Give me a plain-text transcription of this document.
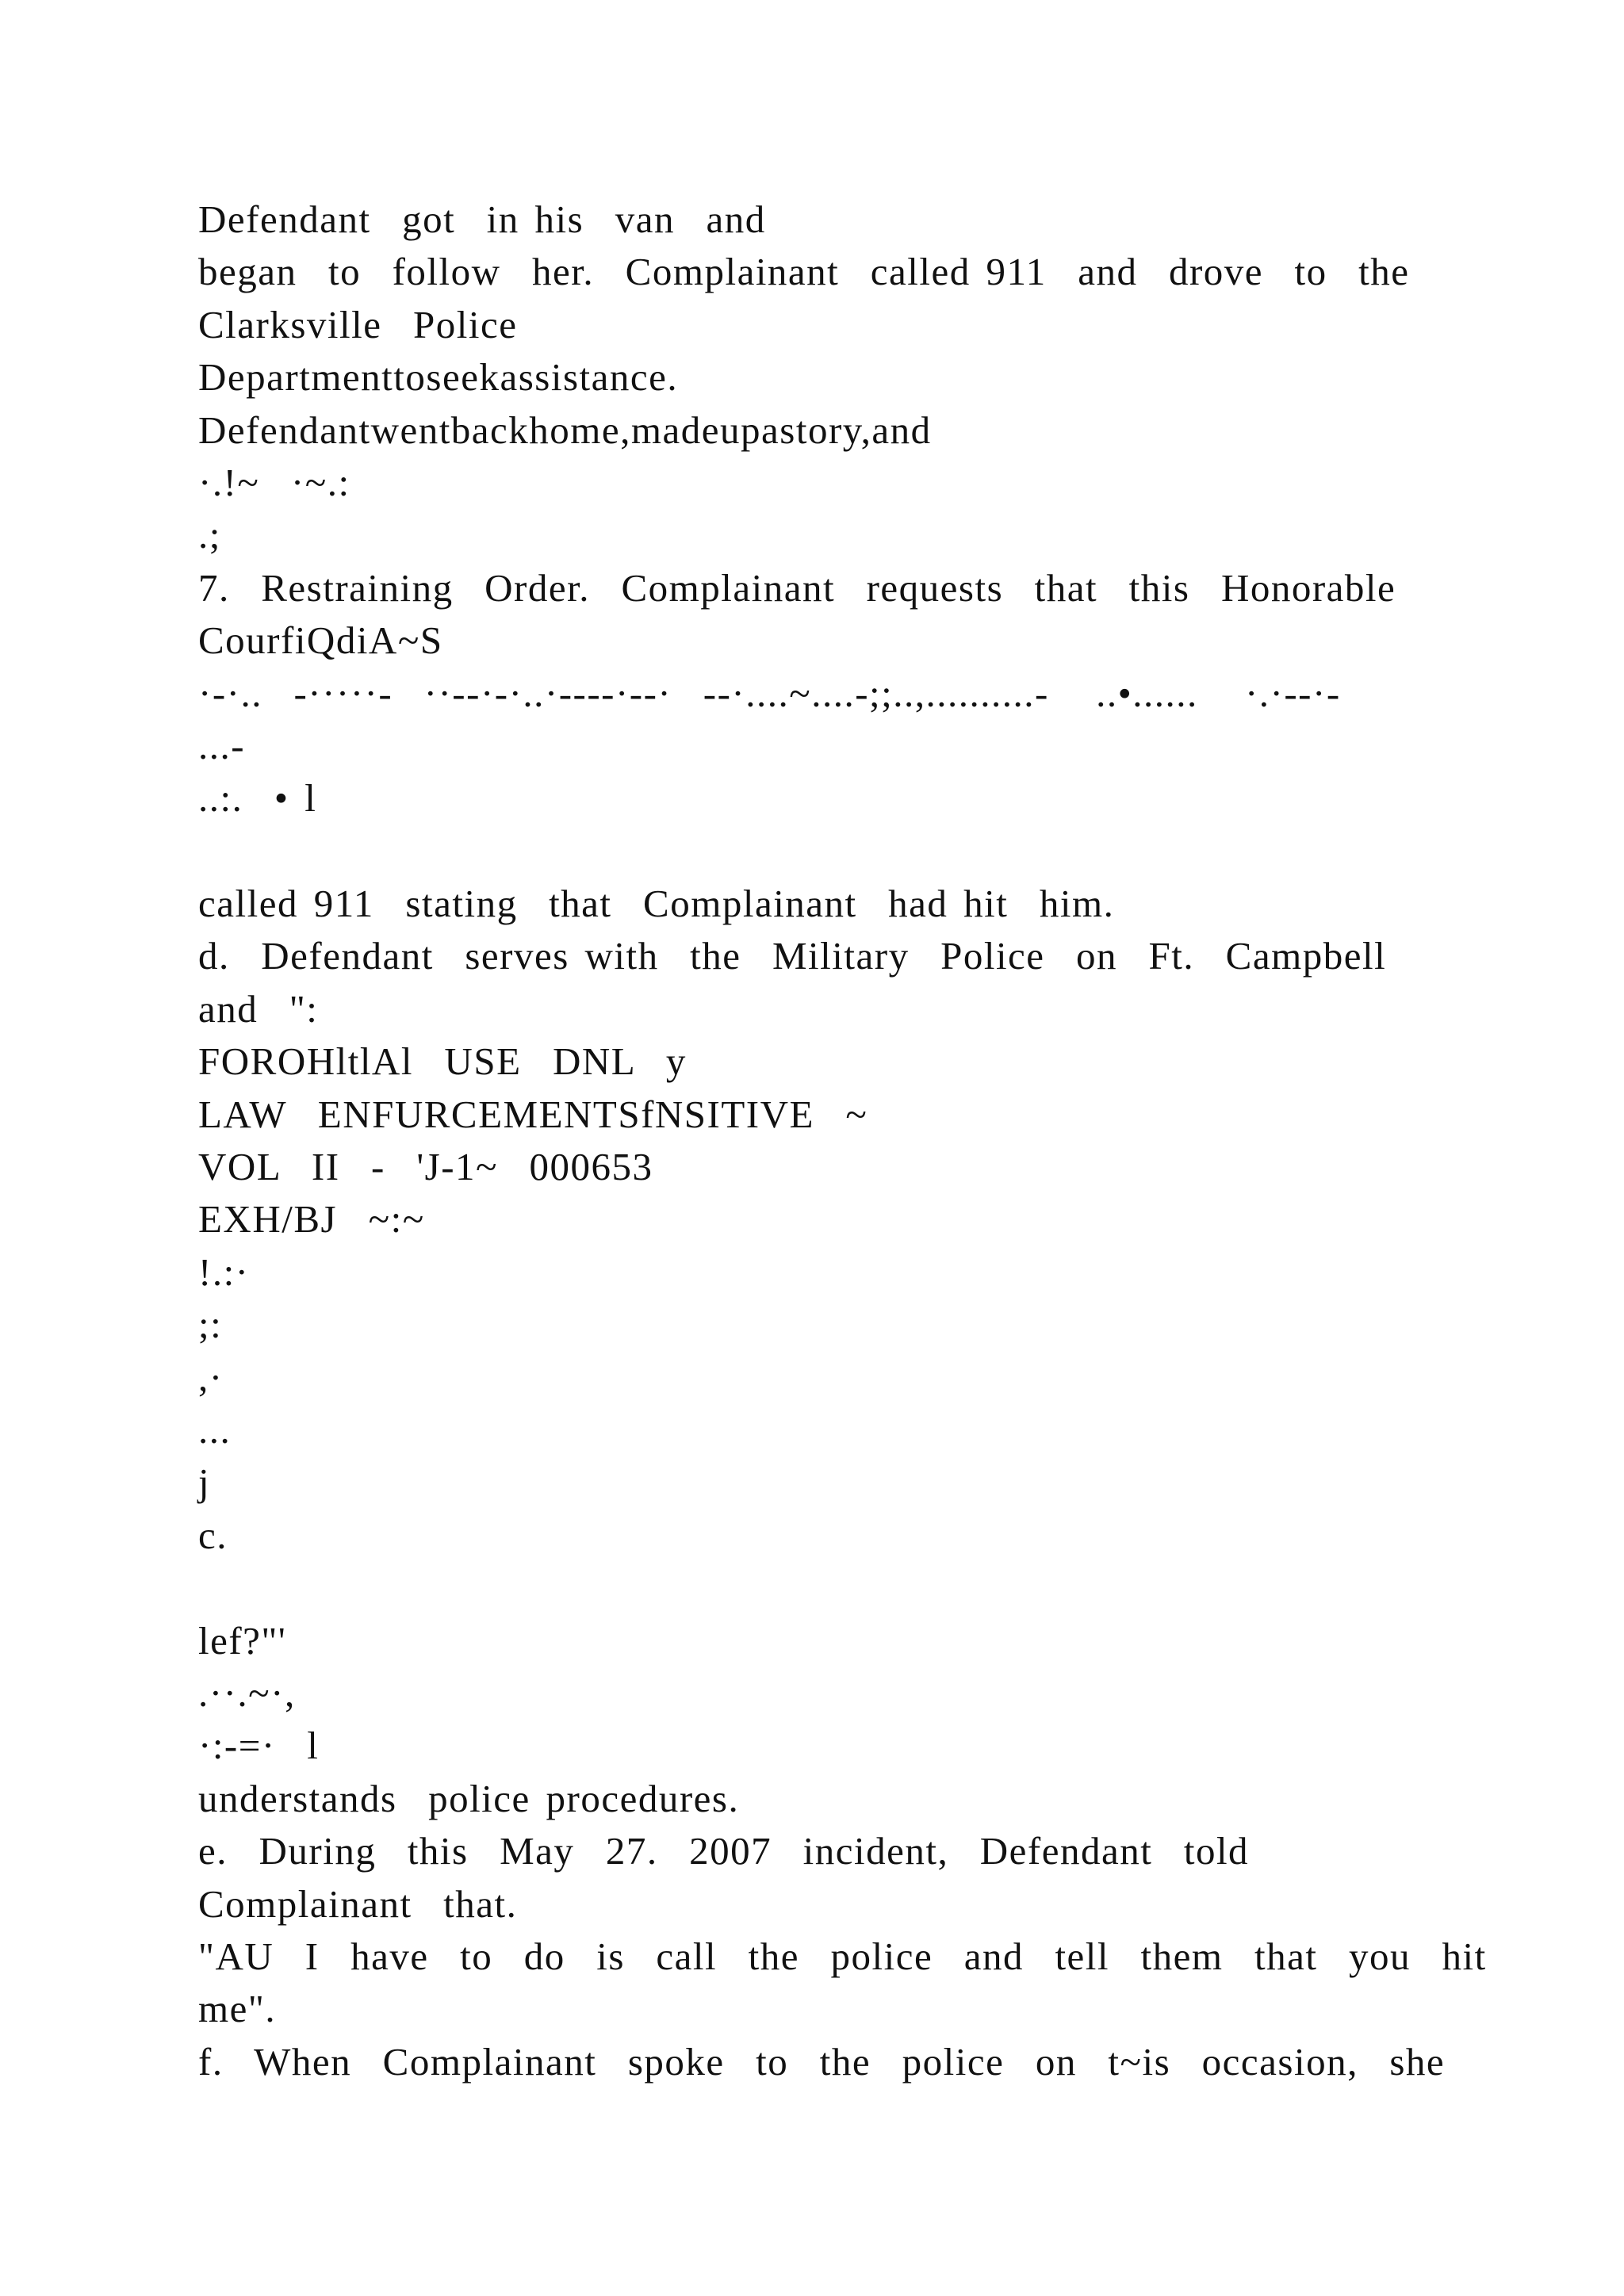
Defendant  got  in his  van  and
began  to  follow  her.  Complainant  called 911  and  drove  to  the
Clarksville  Police
Departmenttoseekassistance.
Defendantwentbackhome,madeupastory,and
·.!~  ·~.:
.;
7.  Restraining  Order.  Complainant  requests  that  this  Honorable
CourfiQdiA~S
·-·..  -·····-  ··--·-·..·----·--·  --·....~....-;;..,..........-   ..•......   ·.·--·-
...-
..:.  • l
called 911  stating  that  Complainant  had hit  him.
d.  Defendant  serves with  the  Military  Police  on  Ft.  Campbell
and  ":
FOROHltlAl  USE  DNL  y
LAW  ENFURCEMENTSfNSITIVE  ~
VOL  II  -  'J-1~  000653
EXH/BJ  ~:~
!.:·
;:
,·
...
j
c.
lef?"'
.··.~·,
·:-=·  l
understands  police procedures.
e.  During  this  May  27.  2007  incident,  Defendant  told
Complainant  that.
"AU  I  have  to  do  is  call  the  police  and  tell  them  that  you  hit
me".
f.  When  Complainant  spoke  to  the  police  on  t~is  occasion,  she
